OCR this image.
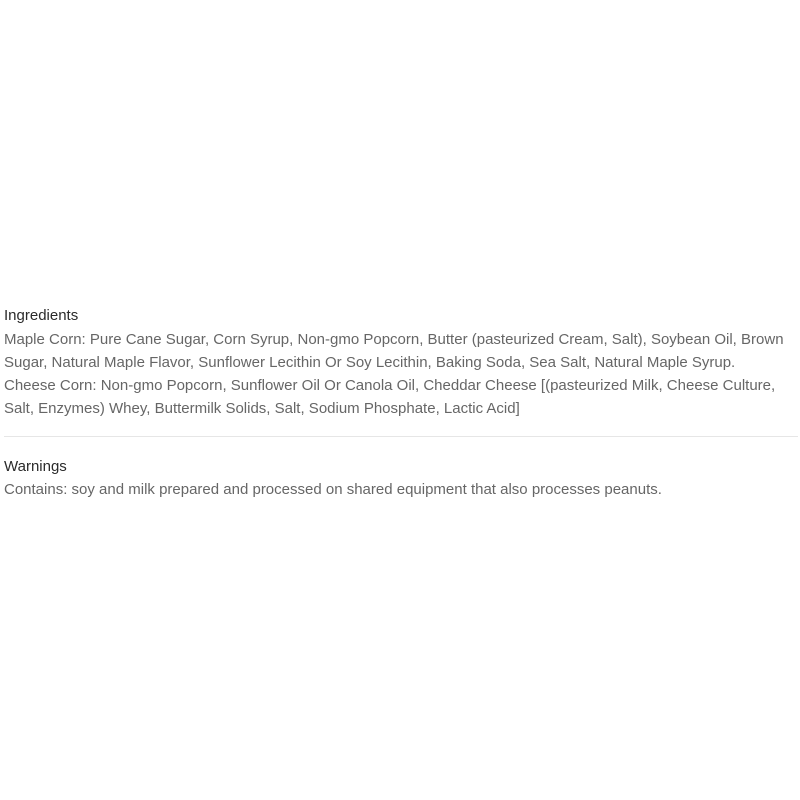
Ingredients

Maple Corn: Pure Cane Sugar, Corn Syrup, Non-gmo Popcorn, Butter (pasteurized Cream, Salt), Soybean Oil, Brown Sugar, Natural Maple Flavor, Sunflower Lecithin Or Soy Lecithin, Baking Soda, Sea Salt, Natural Maple Syrup. Cheese Corn: Non-gmo Popcorn, Sunflower Oil Or Canola Oil, Cheddar Cheese [(pasteurized Milk, Cheese Culture, Salt, Enzymes) Whey, Buttermilk Solids, Salt, Sodium Phosphate, Lactic Acid]

Warnings

Contains: soy and milk prepared and processed on shared equipment that also processes peanuts.
